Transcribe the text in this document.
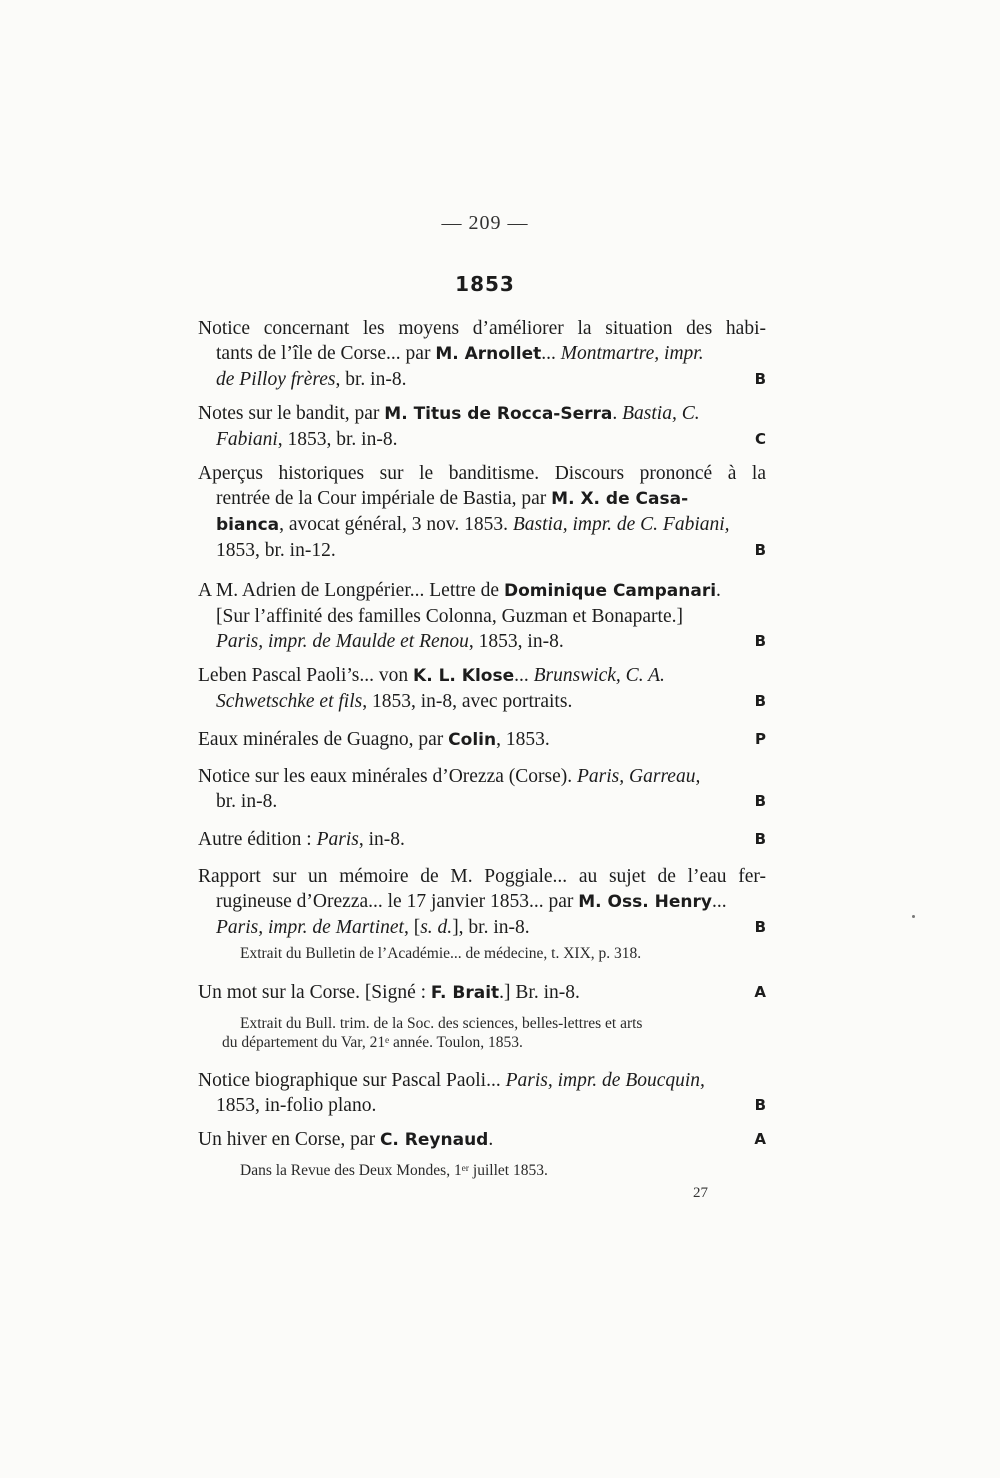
— 209 —
1853
Notice concernant les moyens d’améliorer la situation des habi-
tants de l’île de Corse... par M. Arnollet... Montmartre, impr.
de Pilloy frères, br. in-8.	B
Notes sur le bandit, par M. Titus de Rocca-Serra. Bastia, C.
Fabiani, 1853, br. in-8.	C
Aperçus historiques sur le banditisme. Discours prononcé à la
rentrée de la Cour impériale de Bastia, par M. X. de Casa-
bianca, avocat général, 3 nov. 1853. Bastia, impr. de C. Fabiani,
1853, br. in-12.	B
A M. Adrien de Longpérier... Lettre de Dominique Campanari.
[Sur l’affinité des familles Colonna, Guzman et Bonaparte.]
Paris, impr. de Maulde et Renou, 1853, in-8.	B
Leben Pascal Paoli’s... von K. L. Klose... Brunswick, C. A.
Schwetschke et fils, 1853, in-8, avec portraits.	B
Eaux minérales de Guagno, par Colin, 1853.	P
Notice sur les eaux minérales d’Orezza (Corse). Paris, Garreau,
br. in-8.	B
Autre édition : Paris, in-8.	B
Rapport sur un mémoire de M. Poggiale... au sujet de l’eau fer-
rugineuse d’Orezza... le 17 janvier 1853... par M. Oss. Henry...
Paris, impr. de Martinet, [s. d.], br. in-8.	B
Extrait du Bulletin de l’Académie... de médecine, t. XIX, p. 318.
Un mot sur la Corse. [Signé : F. Brait.] Br. in-8.	A
Extrait du Bull. trim. de la Soc. des sciences, belles-lettres et arts
du département du Var, 21ᵉ année. Toulon, 1853.
Notice biographique sur Pascal Paoli... Paris, impr. de Boucquin,
1853, in-folio plano.	B
Un hiver en Corse, par C. Reynaud.	A
Dans la Revue des Deux Mondes, 1ᵉʳ juillet 1853.
27
